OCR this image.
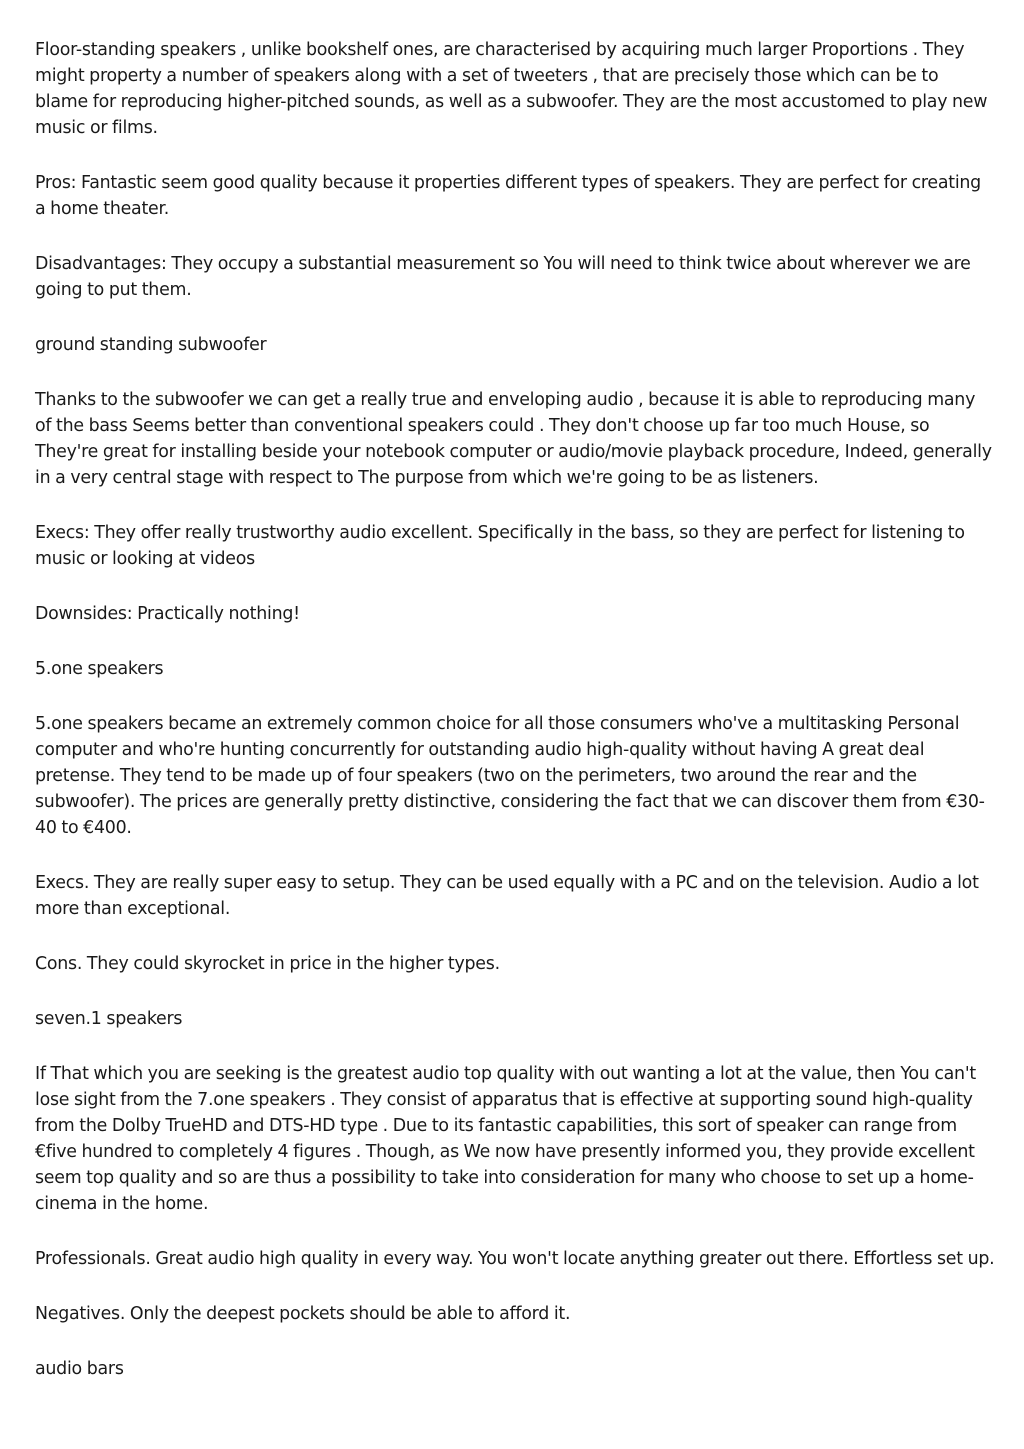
Floor-standing speakers , unlike bookshelf ones, are characterised by acquiring much larger Proportions . They might property a number of speakers along with a set of tweeters , that are precisely those which can be to blame for reproducing higher-pitched sounds, as well as a subwoofer. They are the most accustomed to play new music or films.

Pros: Fantastic seem good quality because it properties different types of speakers. They are perfect for creating a home theater.

Disadvantages: They occupy a substantial measurement so You will need to think twice about wherever we are going to put them.

ground standing subwoofer

Thanks to the subwoofer we can get a really true and enveloping audio , because it is able to reproducing many of the bass Seems better than conventional speakers could . They don't choose up far too much House, so They're great for installing beside your notebook computer or audio/movie playback procedure, Indeed, generally in a very central stage with respect to The purpose from which we're going to be as listeners.

Execs: They offer really trustworthy audio excellent. Specifically in the bass, so they are perfect for listening to music or looking at videos

Downsides: Practically nothing!

5.one speakers

5.one speakers became an extremely common choice for all those consumers who've a multitasking Personal computer and who're hunting concurrently for outstanding audio high-quality without having A great deal pretense. They tend to be made up of four speakers (two on the perimeters, two around the rear and the subwoofer). The prices are generally pretty distinctive, considering the fact that we can discover them from €30-40 to €400.

Execs. They are really super easy to setup. They can be used equally with a PC and on the television. Audio a lot more than exceptional.

Cons. They could skyrocket in price in the higher types.

seven.1 speakers

If That which you are seeking is the greatest audio top quality with out wanting a lot at the value, then You can't lose sight from the 7.one speakers . They consist of apparatus that is effective at supporting sound high-quality from the Dolby TrueHD and DTS-HD type . Due to its fantastic capabilities, this sort of speaker can range from €five hundred to completely 4 figures . Though, as We now have presently informed you, they provide excellent seem top quality and so are thus a possibility to take into consideration for many who choose to set up a home-cinema in the home.

Professionals. Great audio high quality in every way. You won't locate anything greater out there. Effortless set up.

Negatives. Only the deepest pockets should be able to afford it.

audio bars
